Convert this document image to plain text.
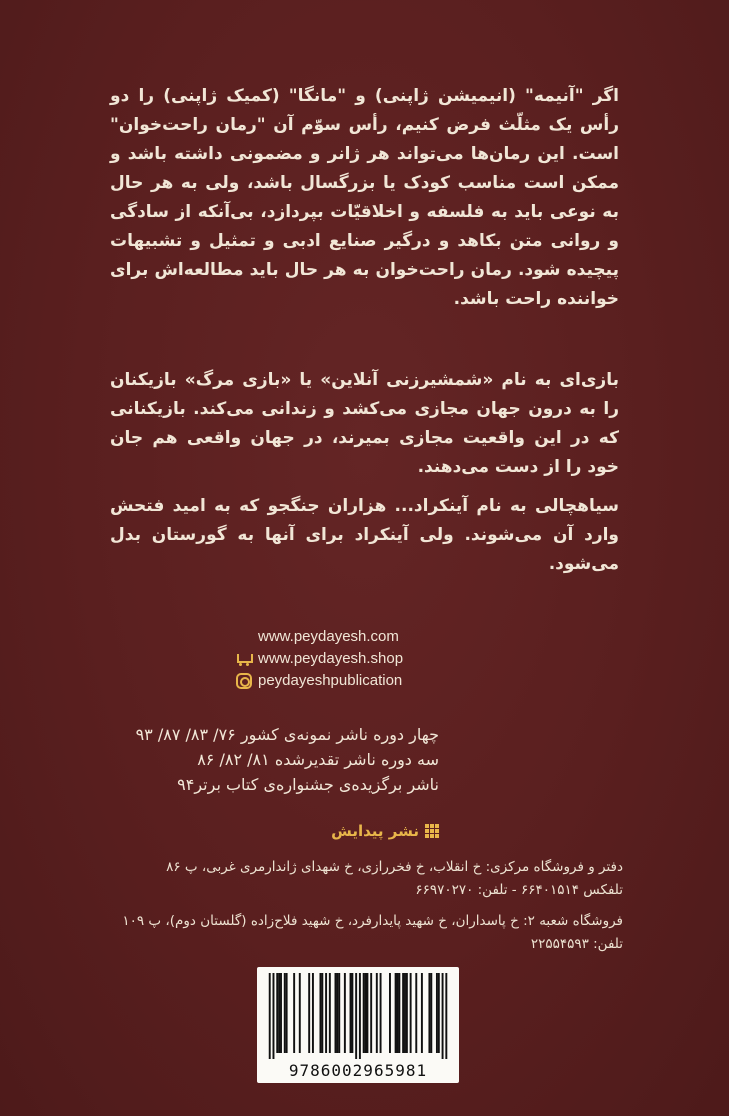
اگر "آنیمه" (انیمیشن ژاپنی) و "مانگا" (کمیک ژاپنی) را دو رأس یک مثلّث فرض کنیم، رأس سوّم آن "رمان راحت‌خوان" است. این رمان‌ها می‌تواند هر ژانر و مضمونی داشته باشد و ممکن است مناسب کودک یا بزرگسال باشد، ولی به هر حال به نوعی باید به فلسفه و اخلاقیّات بپردازد، بی‌آنکه از سادگی و روانی متن بکاهد و درگیر صنایع ادبی و تمثیل و تشبیهات پیچیده شود. رمان راحت‌خوان به هر حال باید مطالعه‌اش برای خواننده راحت باشد.
بازی‌ای به نام «شمشیرزنی آنلاین» یا «بازی مرگ» بازیکنان را به درون جهان مجازی می‌کشد و زندانی می‌کند. بازیکنانی که در این واقعیت مجازی بمیرند، در جهان واقعی هم جان خود را از دست می‌دهند.
سیاهچالی به نام آینکراد... هزاران جنگجو که به امید فتحش وارد آن می‌شوند. ولی آینکراد برای آنها به گورستان بدل می‌شود.
www.peydayesh.com
www.peydayesh.shop
peydayeshpublication
چهار دوره ناشر نمونه‌ی کشور ۷۶/ ۸۳/ ۸۷/ ۹۳
سه دوره ناشر تقدیرشده ۸۱/ ۸۲/ ۸۶
ناشر برگزیده‌ی جشنواره‌ی کتاب برتر۹۴
نشر پیدایش
دفتر و فروشگاه مرکزی: خ انقلاب، خ فخررازی، خ شهدای ژاندارمری غربی، پ ۸۶
تلفکس ۶۶۴۰۱۵۱۴ - تلفن: ۶۶۹۷۰۲۷۰
فروشگاه شعبه ۲: خ پاسداران، خ شهید پایدارفرد، خ شهید فلاح‌زاده (گلستان دوم)، پ ۱۰۹
تلفن: ۲۲۵۵۴۵۹۳
9786002965981
